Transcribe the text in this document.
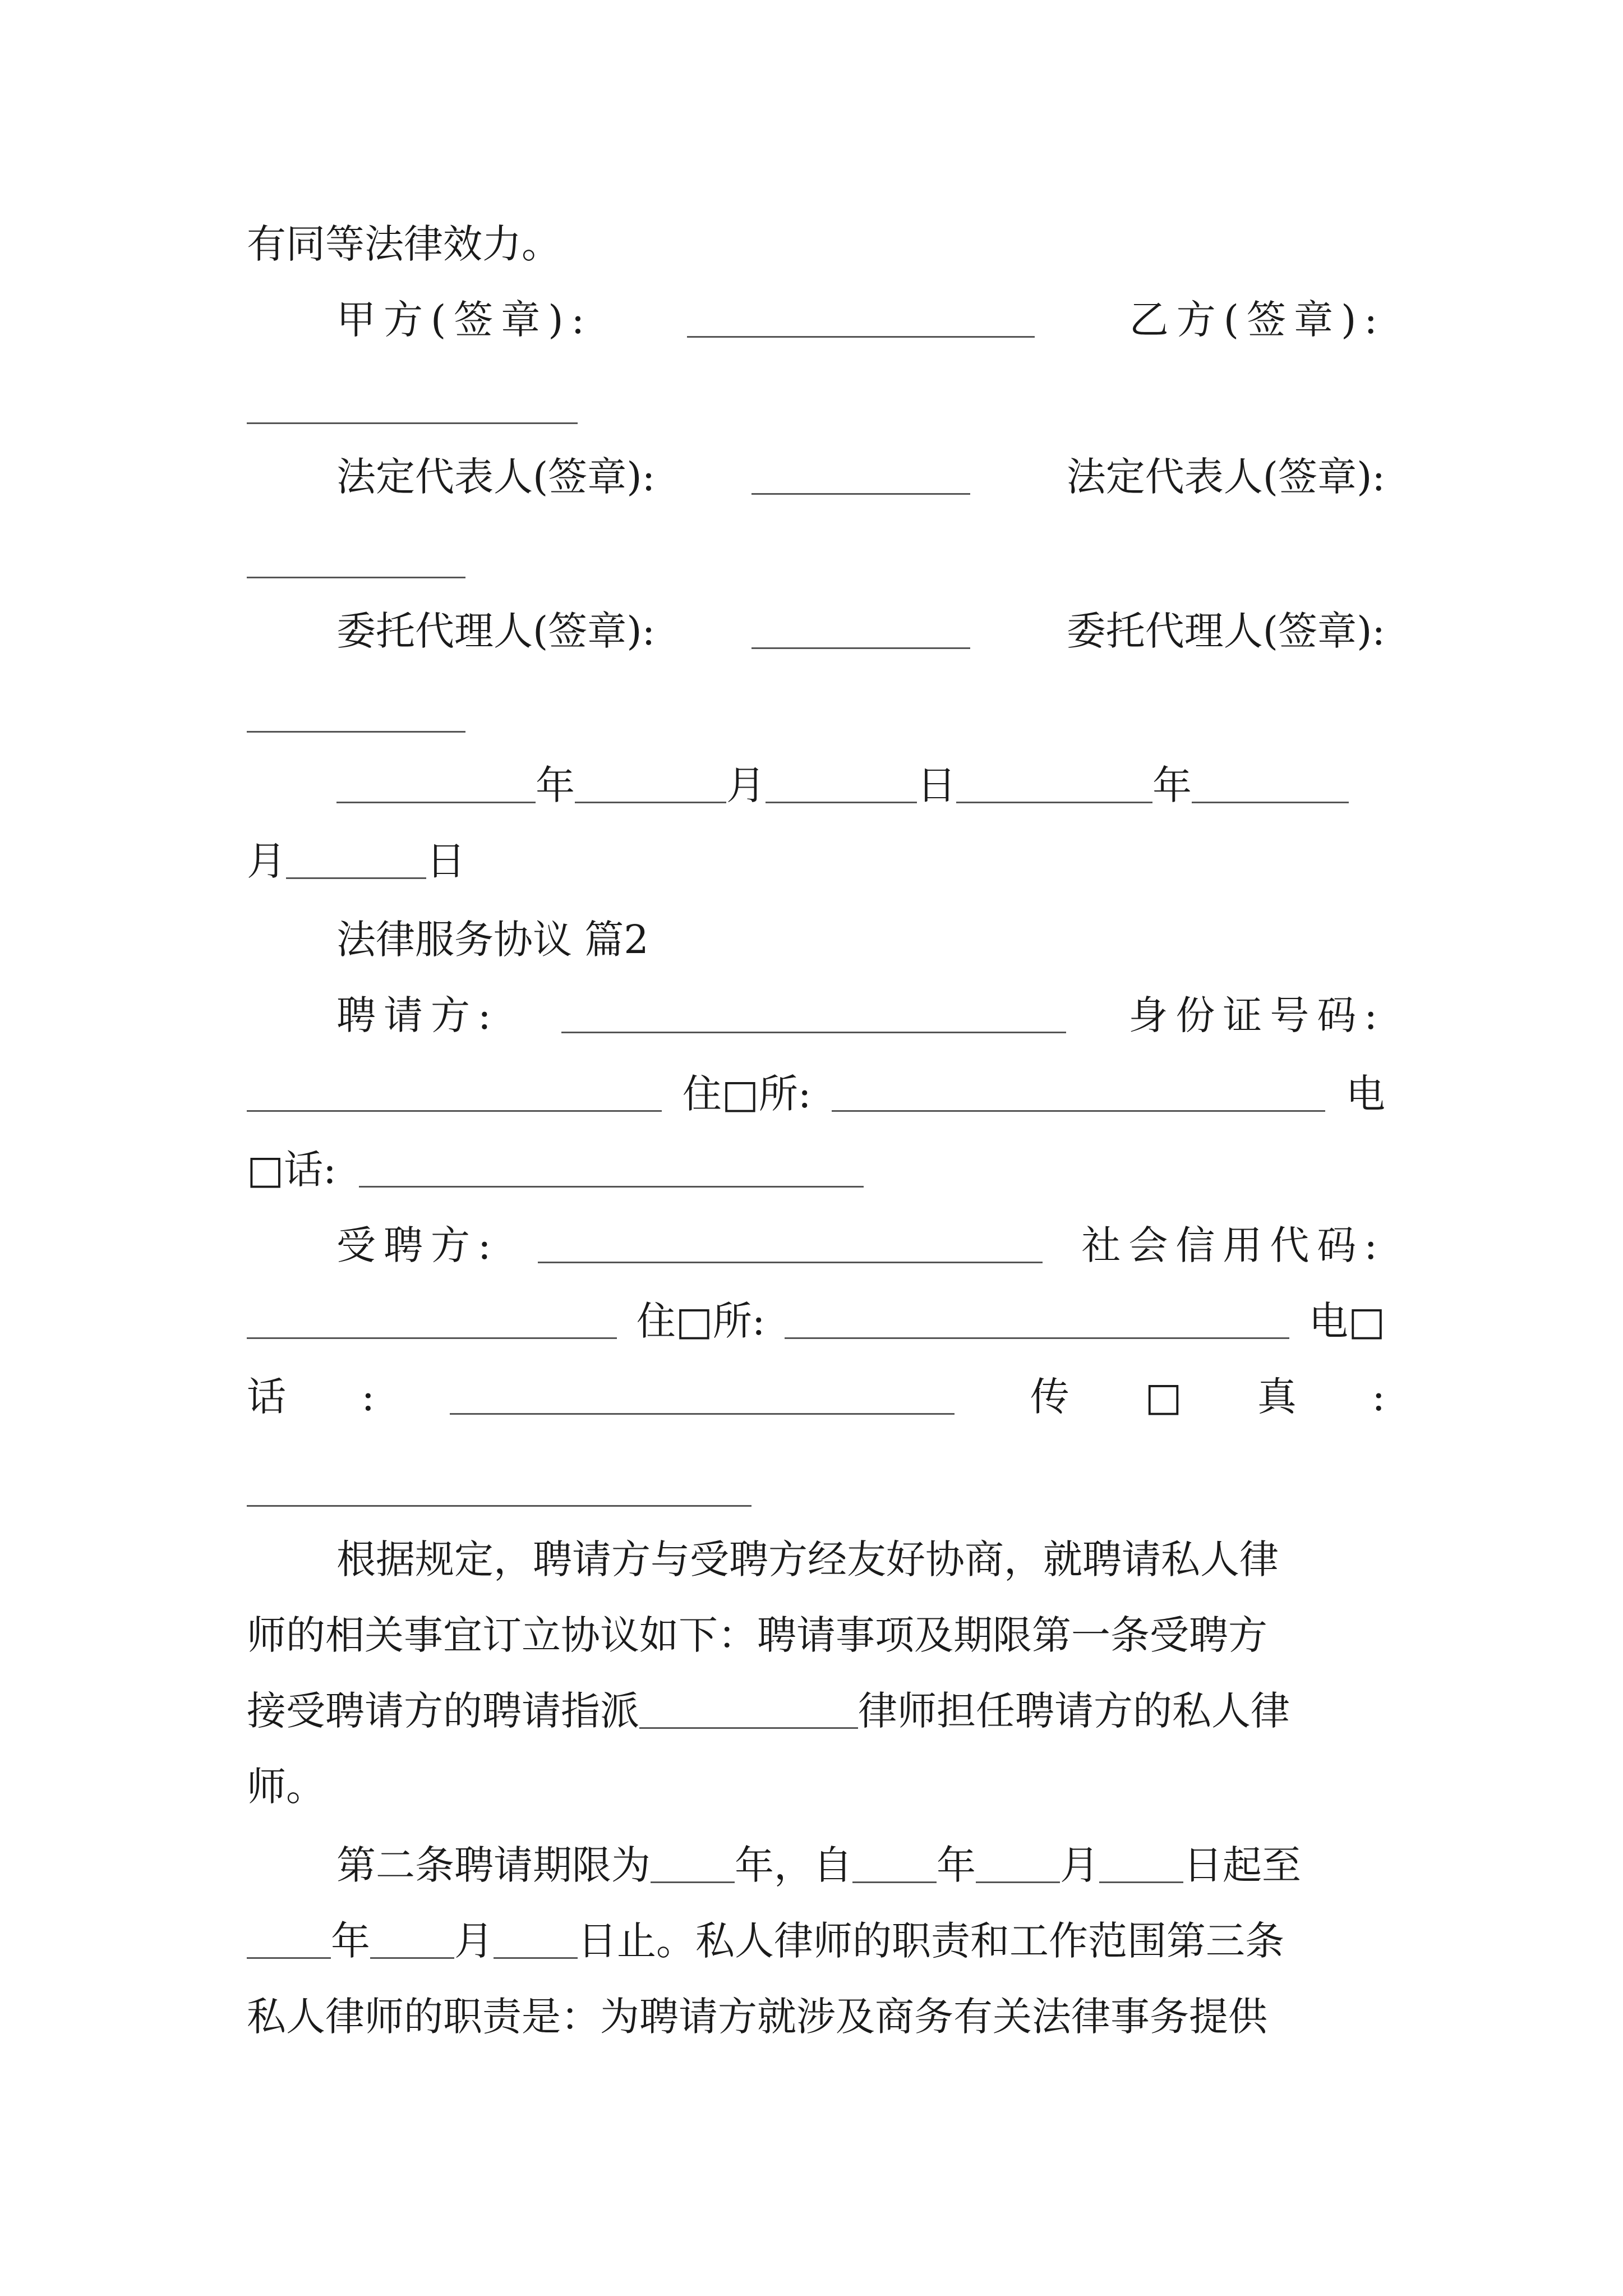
有同等法律效力。
甲方(签章):	乙方(签章):
法定代表人(签章):	法定代表人(签章):
委托代理人(签章):	委托代理人(签章):
年	月	日	年
月	日
法律服务协议 篇2
聘请方:	身份证号码:
住□所:	电
□话:
受聘方:	社会信用代码:
住□所:	电□
话 :	传 □ 真 :
根据规定，聘请方与受聘方经友好协商，就聘请私人律
师的相关事宜订立协议如下：聘请事项及期限第一条受聘方
接受聘请方的聘请指派	律师担任聘请方的私人律
师。
第二条聘请期限为 年，自 年 月 日起至
年 月 日止。私人律师的职责和工作范围第三条
私人律师的职责是：为聘请方就涉及商务有关法律事务提供
